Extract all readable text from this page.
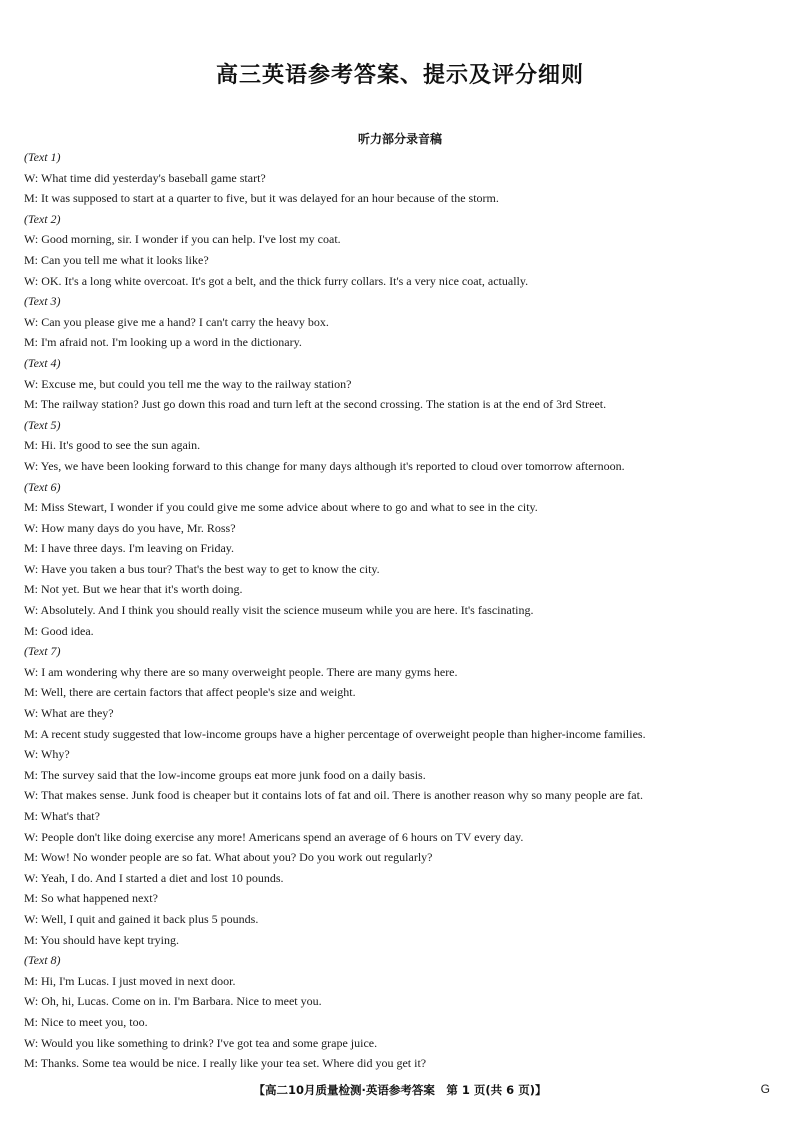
高三英语参考答案、提示及评分细则
听力部分录音稿
(Text 1)
W: What time did yesterday's baseball game start?
M: It was supposed to start at a quarter to five, but it was delayed for an hour because of the storm.
(Text 2)
W: Good morning, sir. I wonder if you can help. I've lost my coat.
M: Can you tell me what it looks like?
W: OK. It's a long white overcoat. It's got a belt, and the thick furry collars. It's a very nice coat, actually.
(Text 3)
W: Can you please give me a hand? I can't carry the heavy box.
M: I'm afraid not. I'm looking up a word in the dictionary.
(Text 4)
W: Excuse me, but could you tell me the way to the railway station?
M: The railway station? Just go down this road and turn left at the second crossing. The station is at the end of 3rd Street.
(Text 5)
M: Hi. It's good to see the sun again.
W: Yes, we have been looking forward to this change for many days although it's reported to cloud over tomorrow afternoon.
(Text 6)
M: Miss Stewart, I wonder if you could give me some advice about where to go and what to see in the city.
W: How many days do you have, Mr. Ross?
M: I have three days. I'm leaving on Friday.
W: Have you taken a bus tour? That's the best way to get to know the city.
M: Not yet. But we hear that it's worth doing.
W: Absolutely. And I think you should really visit the science museum while you are here. It's fascinating.
M: Good idea.
(Text 7)
W: I am wondering why there are so many overweight people. There are many gyms here.
M: Well, there are certain factors that affect people's size and weight.
W: What are they?
M: A recent study suggested that low-income groups have a higher percentage of overweight people than higher-income families.
W: Why?
M: The survey said that the low-income groups eat more junk food on a daily basis.
W: That makes sense. Junk food is cheaper but it contains lots of fat and oil. There is another reason why so many people are fat.
M: What's that?
W: People don't like doing exercise any more! Americans spend an average of 6 hours on TV every day.
M: Wow! No wonder people are so fat. What about you? Do you work out regularly?
W: Yeah, I do. And I started a diet and lost 10 pounds.
M: So what happened next?
W: Well, I quit and gained it back plus 5 pounds.
M: You should have kept trying.
(Text 8)
M: Hi, I'm Lucas. I just moved in next door.
W: Oh, hi, Lucas. Come on in. I'm Barbara. Nice to meet you.
M: Nice to meet you, too.
W: Would you like something to drink? I've got tea and some grape juice.
M: Thanks. Some tea would be nice. I really like your tea set. Where did you get it?
【高二10月质量检测·英语参考答案　第 1 页(共 6 页)】	G
